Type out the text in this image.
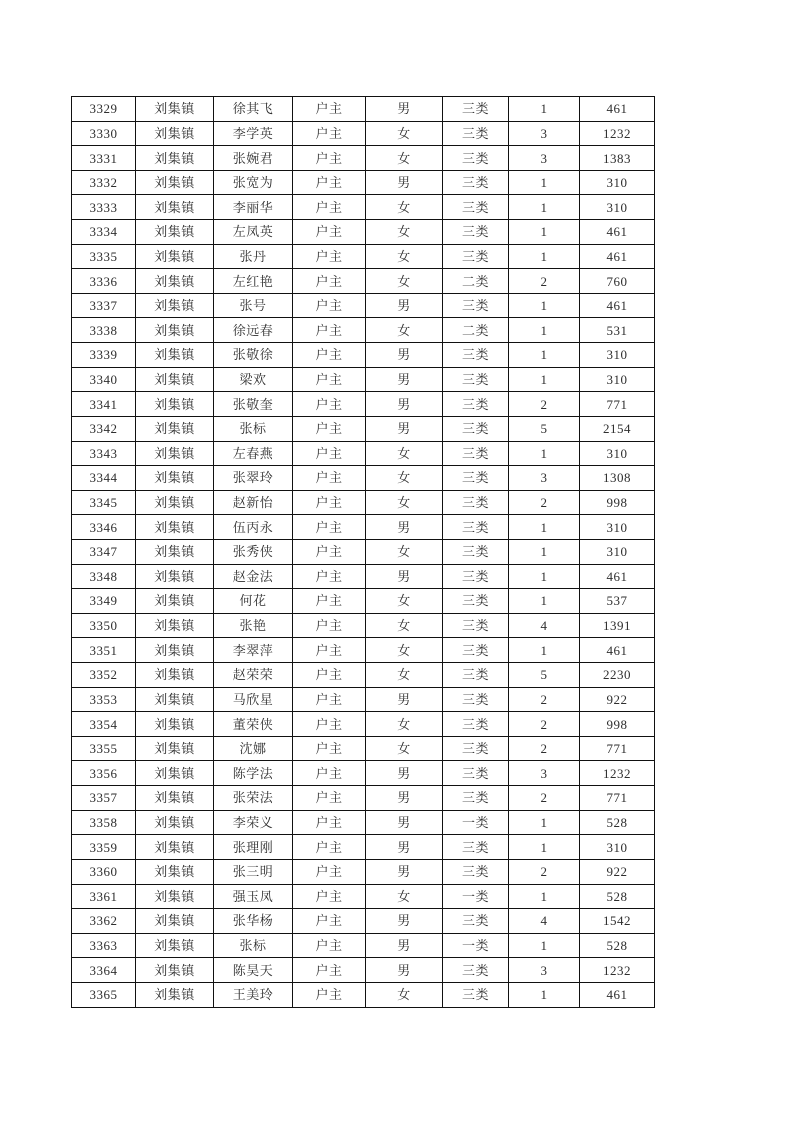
3329	刘集镇	徐其飞	户主	男	三类	1	461
3330	刘集镇	李学英	户主	女	三类	3	1232
3331	刘集镇	张婉君	户主	女	三类	3	1383
3332	刘集镇	张宽为	户主	男	三类	1	310
3333	刘集镇	李丽华	户主	女	三类	1	310
3334	刘集镇	左凤英	户主	女	三类	1	461
3335	刘集镇	张丹	户主	女	三类	1	461
3336	刘集镇	左红艳	户主	女	二类	2	760
3337	刘集镇	张号	户主	男	三类	1	461
3338	刘集镇	徐远春	户主	女	二类	1	531
3339	刘集镇	张敬徐	户主	男	三类	1	310
3340	刘集镇	梁欢	户主	男	三类	1	310
3341	刘集镇	张敬奎	户主	男	三类	2	771
3342	刘集镇	张标	户主	男	三类	5	2154
3343	刘集镇	左春燕	户主	女	三类	1	310
3344	刘集镇	张翠玲	户主	女	三类	3	1308
3345	刘集镇	赵新怡	户主	女	三类	2	998
3346	刘集镇	伍丙永	户主	男	三类	1	310
3347	刘集镇	张秀侠	户主	女	三类	1	310
3348	刘集镇	赵金法	户主	男	三类	1	461
3349	刘集镇	何花	户主	女	三类	1	537
3350	刘集镇	张艳	户主	女	三类	4	1391
3351	刘集镇	李翠萍	户主	女	三类	1	461
3352	刘集镇	赵荣荣	户主	女	三类	5	2230
3353	刘集镇	马欣星	户主	男	三类	2	922
3354	刘集镇	董荣侠	户主	女	三类	2	998
3355	刘集镇	沈娜	户主	女	三类	2	771
3356	刘集镇	陈学法	户主	男	三类	3	1232
3357	刘集镇	张荣法	户主	男	三类	2	771
3358	刘集镇	李荣义	户主	男	一类	1	528
3359	刘集镇	张理刚	户主	男	三类	1	310
3360	刘集镇	张三明	户主	男	三类	2	922
3361	刘集镇	强玉凤	户主	女	一类	1	528
3362	刘集镇	张华杨	户主	男	三类	4	1542
3363	刘集镇	张标	户主	男	一类	1	528
3364	刘集镇	陈昊天	户主	男	三类	3	1232
3365	刘集镇	王美玲	户主	女	三类	1	461
